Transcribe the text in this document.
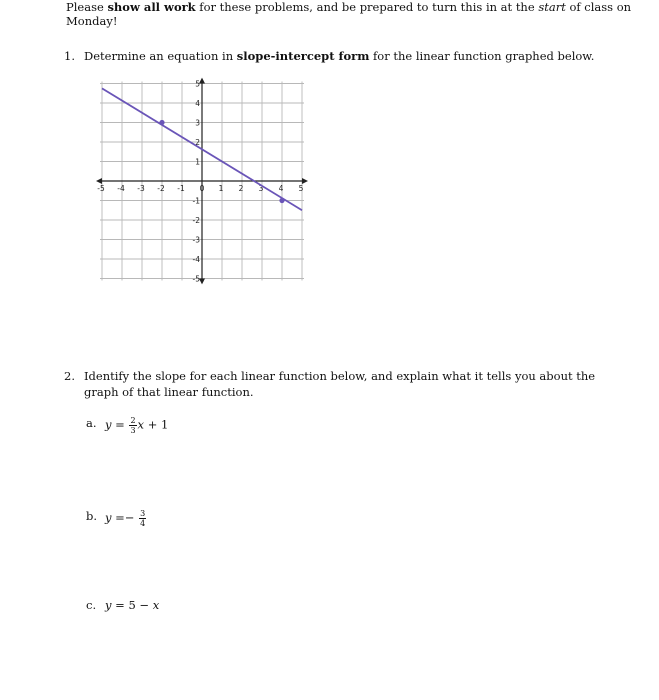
Please show all work for these problems, and be prepared to turn this in at the start of class on Monday!
1. Determine an equation in slope-intercept form for the linear function graphed below.
-5 -4 -3 -2 -1 0 1 2 3 4 5
5
4
3
2
1
-1
-2
-3
-4
-5
2. Identify the slope for each linear function below, and explain what it tells you about the graph of that linear function.
a. $y = \frac{2}{3}$ x + 1
b. $y =- \frac{3}{4}$
c. y = 5 − x
